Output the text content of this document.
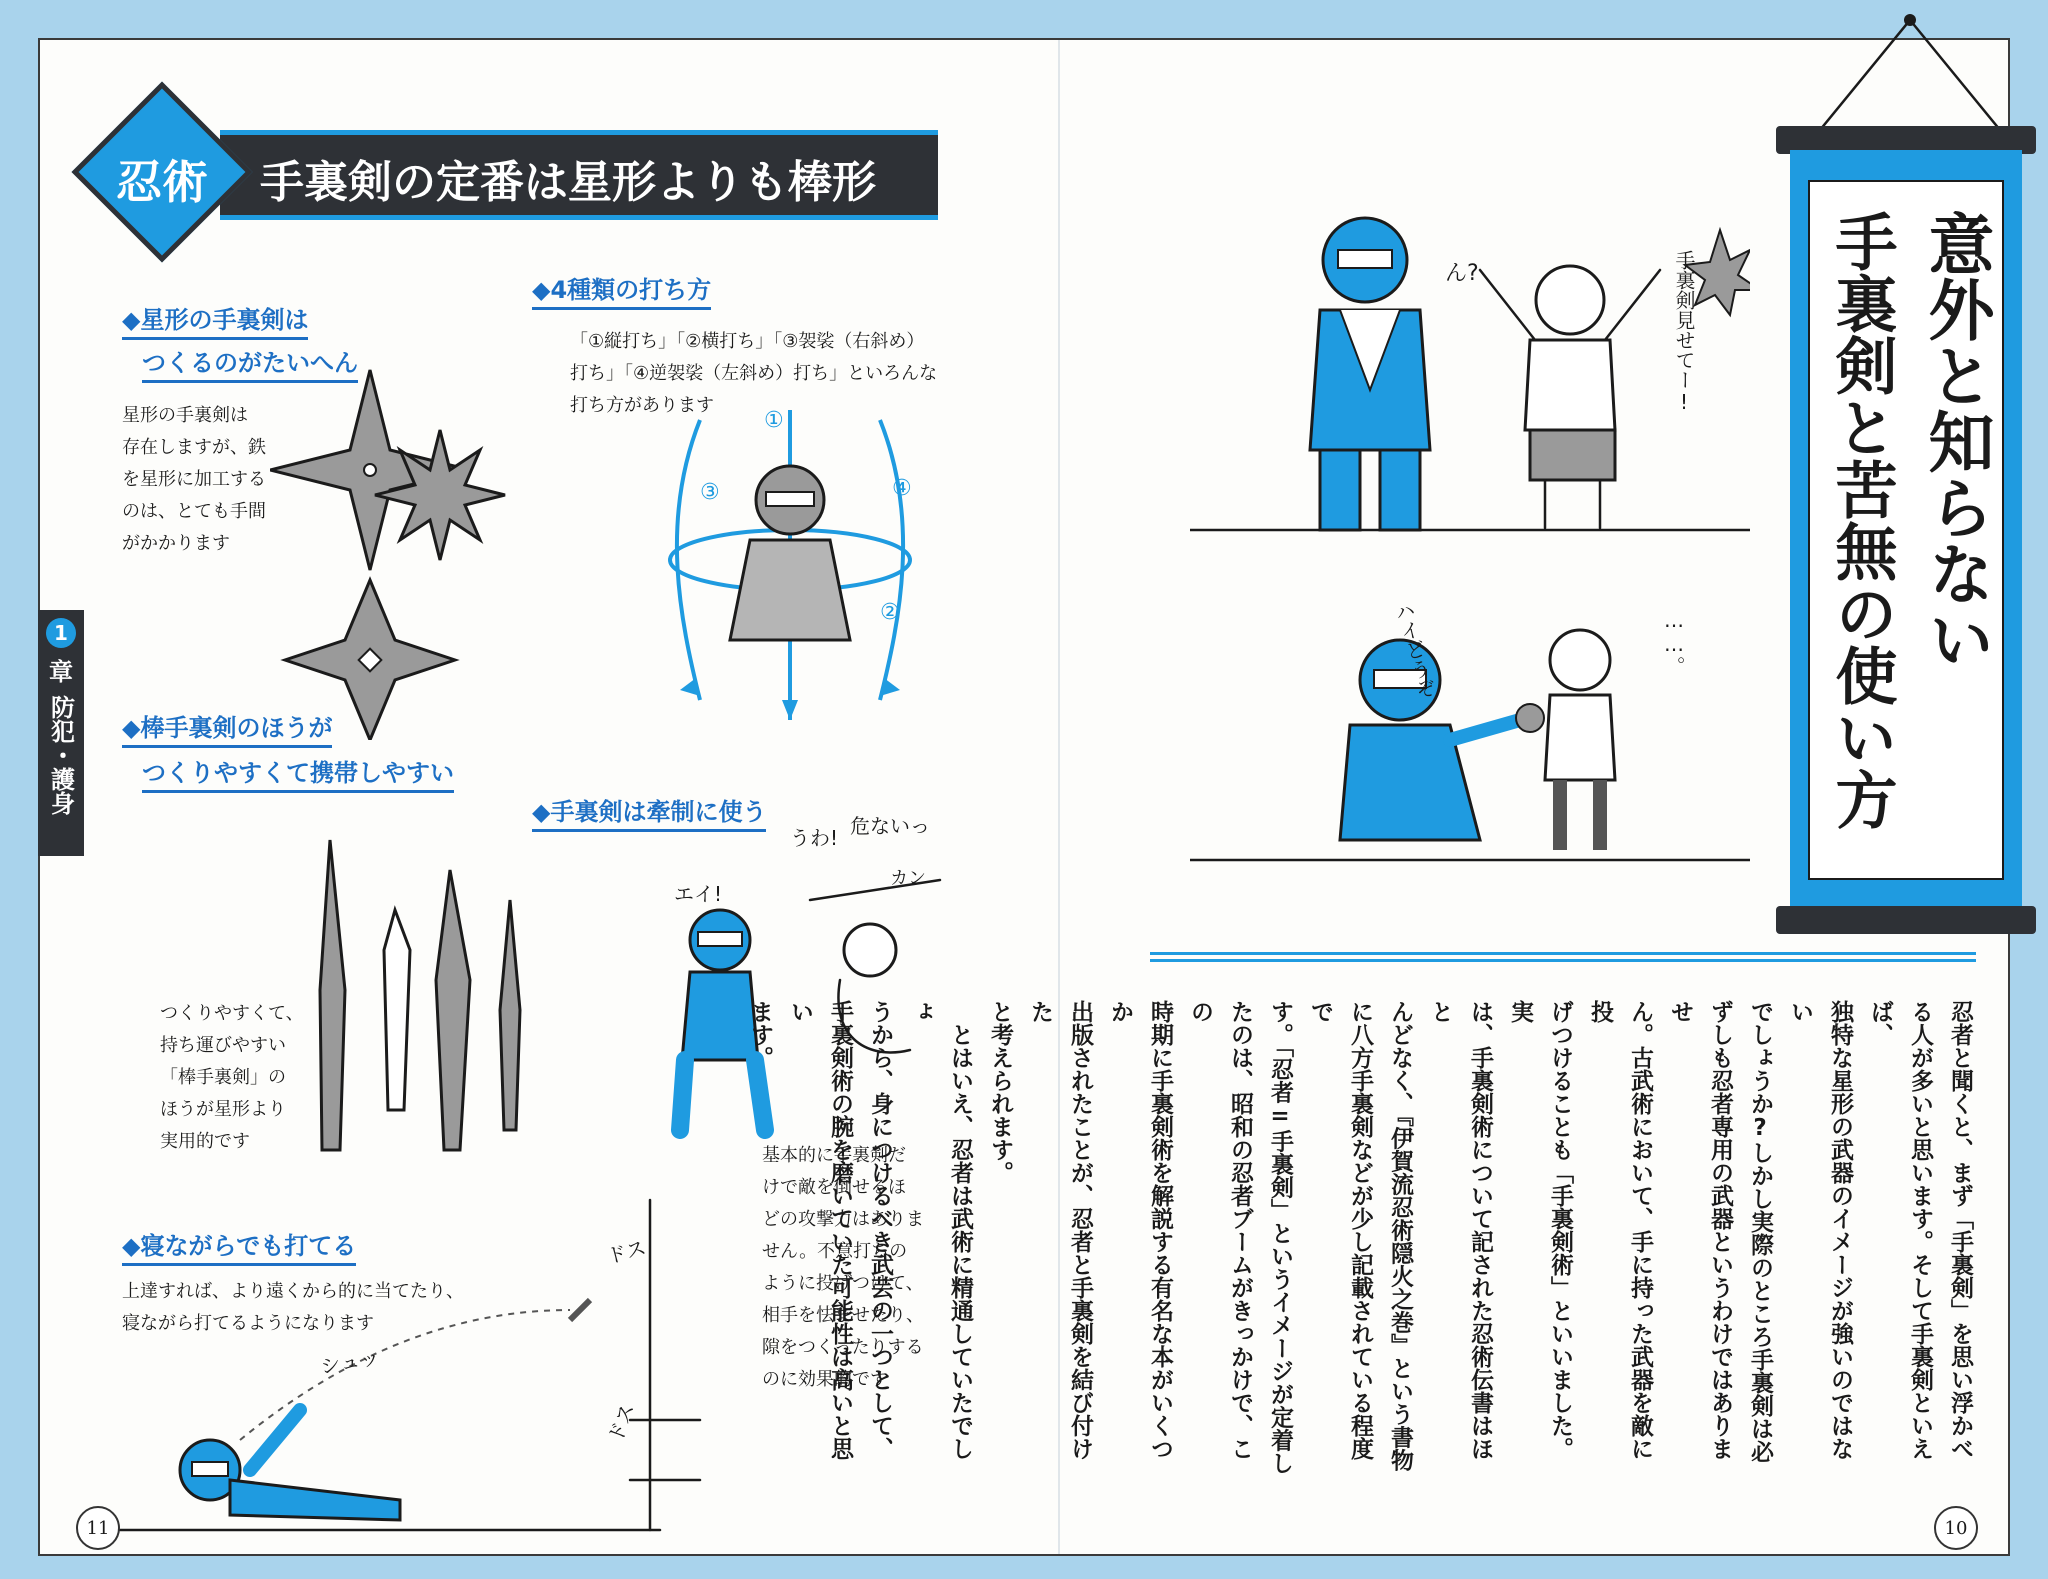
忍術 手裏剣の定番は星形よりも棒形
◆星形の手裏剣は
つくるのがたいへん
星形の手裏剣は
存在しますが、鉄
を星形に加工する
のは、とても手間
がかかります
◆4種類の打ち方
「①縦打ち」「②横打ち」「③袈裟（右斜め）
打ち」「④逆袈裟（左斜め）打ち」といろんな
打ち方があります
①
②
③	④
1
章
防犯・護身 ◆棒手裏剣のほうが
つくりやすくて携帯しやすい
つくりやすくて、
持ち運びやすい
「棒手裏剣」の
ほうが星形より
実用的です
◆手裏剣は牽制に使う
エイ!
うわ! 危ないっ
カン
基本的に手裏剣だ
けで敵を倒せるほ
どの攻撃力はありま
せん。不意打ちの
ように投げつけて、
相手を怯ませたり、
隙をつくったりする
のに効果的です
◆寝ながらでも打てる
上達すれば、より遠くから的に当てたり、
寝ながら打てるようになります
シュッ
ドス
ドス
11
意外と知らない
手裏剣と苦無の使い方
ん?	手裏剣見せてー!
ハイどうぞ	……。
忍者と聞くと、まず「手裏剣」を思い浮かべ
る人が多いと思います。そして手裏剣といえば、
独特な星形の武器のイメージが強いのではない
でしょうか?しかし実際のところ手裏剣は必
ずしも忍者専用の武器というわけではありませ
ん。古武術において、手に持った武器を敵に投
げつけることも「手裏剣術」といいました。実
は、手裏剣術について記された忍術伝書はほと
んどなく、『伊賀流忍術隠火之巻』という書物
に八方手裏剣などが少し記載されている程度で
す。「忍者=手裏剣」というイメージが定着し
たのは、昭和の忍者ブームがきっかけで、この
時期に手裏剣術を解説する有名な本がいくつか
出版されたことが、忍者と手裏剣を結び付けた
と考えられます。
　とはいえ、忍者は武術に精通していたでしょ
うから、身につけるべき武芸の一つとして、
手裏剣術の腕を磨いていた可能性は高いと思い
ます。
10
